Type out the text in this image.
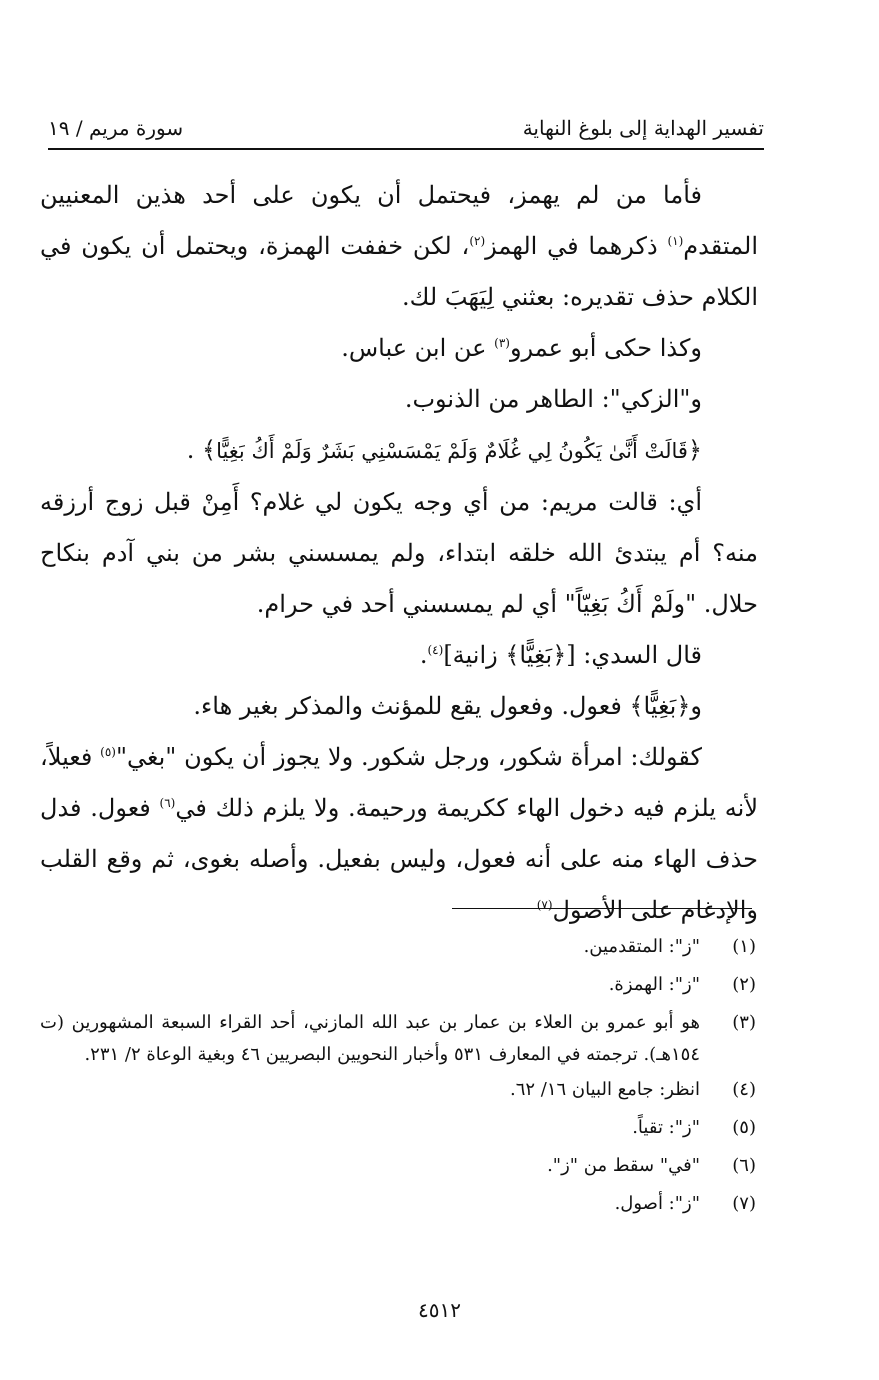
تفسير الهداية إلى بلوغ النهاية
سورة مريم / ١٩

فأما من لم يهمز، فيحتمل أن يكون على أحد هذين المعنيين المتقدم$^{(١)}$ ذكرهما في الهمز$^{(٢)}$، لكن خففت الهمزة، ويحتمل أن يكون في الكلام حذف تقديره: بعثني لِيَهَبَ لك.

وكذا حكى أبو عمرو$^{(٣)}$ عن ابن عباس.

و"الزكي": الطاهر من الذنوب.

﴿قَالَتْ أَنَّىٰ يَكُونُ لِي غُلَامٌ وَلَمْ يَمْسَسْنِي بَشَرٌ وَلَمْ أَكُ بَغِيًّا﴾ .

أي: قالت مريم: من أي وجه يكون لي غلام؟ أَمِنْ قبل زوج أرزقه منه؟ أم يبتدئ الله خلقه ابتداء، ولم يمسسني بشر من بني آدم بنكاح حلال. "ولَمْ أَكُ بَغِيّاً" أي لم يمسسني أحد في حرام.

قال السدي: [﴿بَغِيًّا﴾ زانية]$^{(٤)}$.

و﴿بَغِيًّا﴾ فعول. وفعول يقع للمؤنث والمذكر بغير هاء.

كقولك: امرأة شكور، ورجل شكور. ولا يجوز أن يكون "بغي"$^{(٥)}$ فعيلاً، لأنه يلزم فيه دخول الهاء ككريمة ورحيمة. ولا يلزم ذلك في$^{(٦)}$ فعول. فدل حذف الهاء منه على أنه فعول، وليس بفعيل. وأصله بغوى، ثم وقع القلب والإدغام على الأصول$^{(٧)}$

(١)
"ز": المتقدمين.
(٢)
"ز": الهمزة.
(٣)
هو أبو عمرو بن العلاء بن عمار بن عبد الله المازني، أحد القراء السبعة المشهورين (ت ١٥٤هـ). ترجمته في المعارف ٥٣١ وأخبار النحويين البصريين ٤٦ وبغية الوعاة ٢/ ٢٣١.
(٤)
انظر: جامع البيان ١٦/ ٦٢.
(٥)
"ز": تقياً.
(٦)
"في" سقط من "ز".
(٧)
"ز": أصول.
٤٥١٢
